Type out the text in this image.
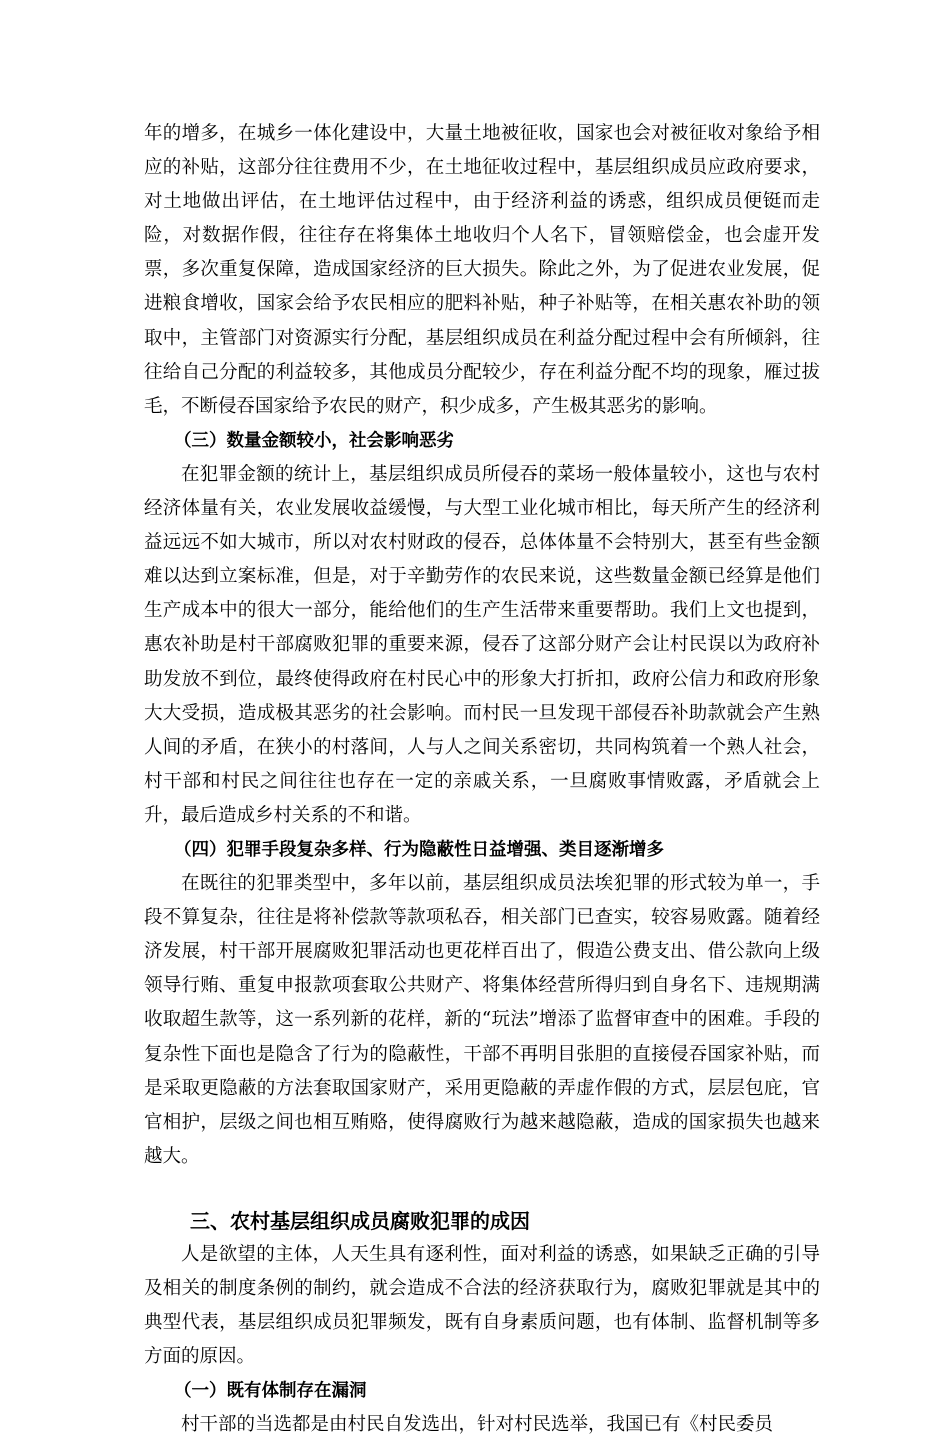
年的增多，在城乡一体化建设中，大量土地被征收，国家也会对被征收对象给予相应的补贴，这部分往往费用不少，在土地征收过程中，基层组织成员应政府要求，对土地做出评估，在土地评估过程中，由于经济利益的诱惑，组织成员便铤而走险，对数据作假，往往存在将集体土地收归个人名下，冒领赔偿金，也会虚开发票，多次重复保障，造成国家经济的巨大损失。除此之外，为了促进农业发展，促进粮食增收，国家会给予农民相应的肥料补贴，种子补贴等，在相关惠农补助的领取中，主管部门对资源实行分配，基层组织成员在利益分配过程中会有所倾斜，往往给自己分配的利益较多，其他成员分配较少，存在利益分配不均的现象，雁过拔毛，不断侵吞国家给予农民的财产，积少成多，产生极其恶劣的影响。

（三）数量金额较小，社会影响恶劣

在犯罪金额的统计上，基层组织成员所侵吞的菜场一般体量较小，这也与农村经济体量有关，农业发展收益缓慢，与大型工业化城市相比，每天所产生的经济利益远远不如大城市，所以对农村财政的侵吞，总体体量不会特别大，甚至有些金额难以达到立案标准，但是，对于辛勤劳作的农民来说，这些数量金额已经算是他们生产成本中的很大一部分，能给他们的生产生活带来重要帮助。我们上文也提到，惠农补助是村干部腐败犯罪的重要来源，侵吞了这部分财产会让村民误以为政府补助发放不到位，最终使得政府在村民心中的形象大打折扣，政府公信力和政府形象大大受损，造成极其恶劣的社会影响。而村民一旦发现干部侵吞补助款就会产生熟人间的矛盾，在狭小的村落间，人与人之间关系密切，共同构筑着一个熟人社会，村干部和村民之间往往也存在一定的亲戚关系，一旦腐败事情败露，矛盾就会上升，最后造成乡村关系的不和谐。

（四）犯罪手段复杂多样、行为隐蔽性日益增强、类目逐渐增多

在既往的犯罪类型中，多年以前，基层组织成员法埃犯罪的形式较为单一，手段不算复杂，往往是将补偿款等款项私吞，相关部门已查实，较容易败露。随着经济发展，村干部开展腐败犯罪活动也更花样百出了，假造公费支出、借公款向上级领导行贿、重复申报款项套取公共财产、将集体经营所得归到自身名下、违规期满收取超生款等，这一系列新的花样，新的“玩法”增添了监督审查中的困难。手段的复杂性下面也是隐含了行为的隐蔽性，干部不再明目张胆的直接侵吞国家补贴，而是采取更隐蔽的方法套取国家财产，采用更隐蔽的弄虚作假的方式，层层包庇，官官相护，层级之间也相互贿赂，使得腐败行为越来越隐蔽，造成的国家损失也越来越大。

三、农村基层组织成员腐败犯罪的成因

人是欲望的主体，人天生具有逐利性，面对利益的诱惑，如果缺乏正确的引导及相关的制度条例的制约，就会造成不合法的经济获取行为，腐败犯罪就是其中的典型代表，基层组织成员犯罪频发，既有自身素质问题，也有体制、监督机制等多方面的原因。

（一）既有体制存在漏洞

村干部的当选都是由村民自发选出，针对村民选举，我国已有《村民委员
